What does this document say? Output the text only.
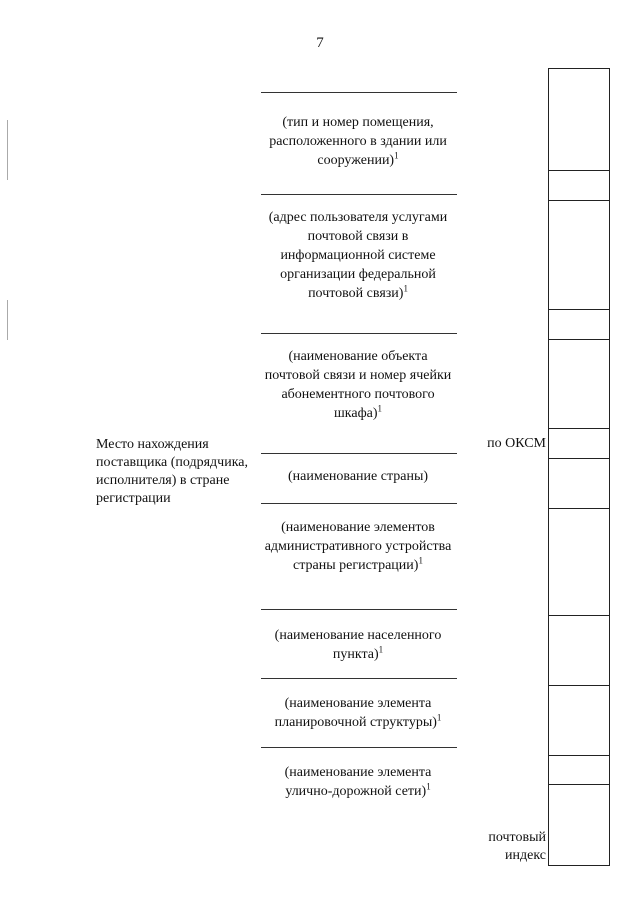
7
(тип и номер помещения, расположенного в здании или сооружении)$^1$
(адрес пользователя услугами почтовой связи в информационной системе организации федеральной почтовой связи)$^1$
(наименование объекта почтовой связи и номер ячейки абонементного почтового шкафа)$^1$
(наименование страны)
(наименование элементов административного устройства страны регистрации)$^1$
(наименование населенного пункта)$^1$
(наименование элемента планировочной структуры)$^1$
(наименование элемента улично-дорожной сети)$^1$
Место нахождения поставщика (подрядчика, исполнителя) в стране регистрации
по ОКСМ
почтовый индекс
